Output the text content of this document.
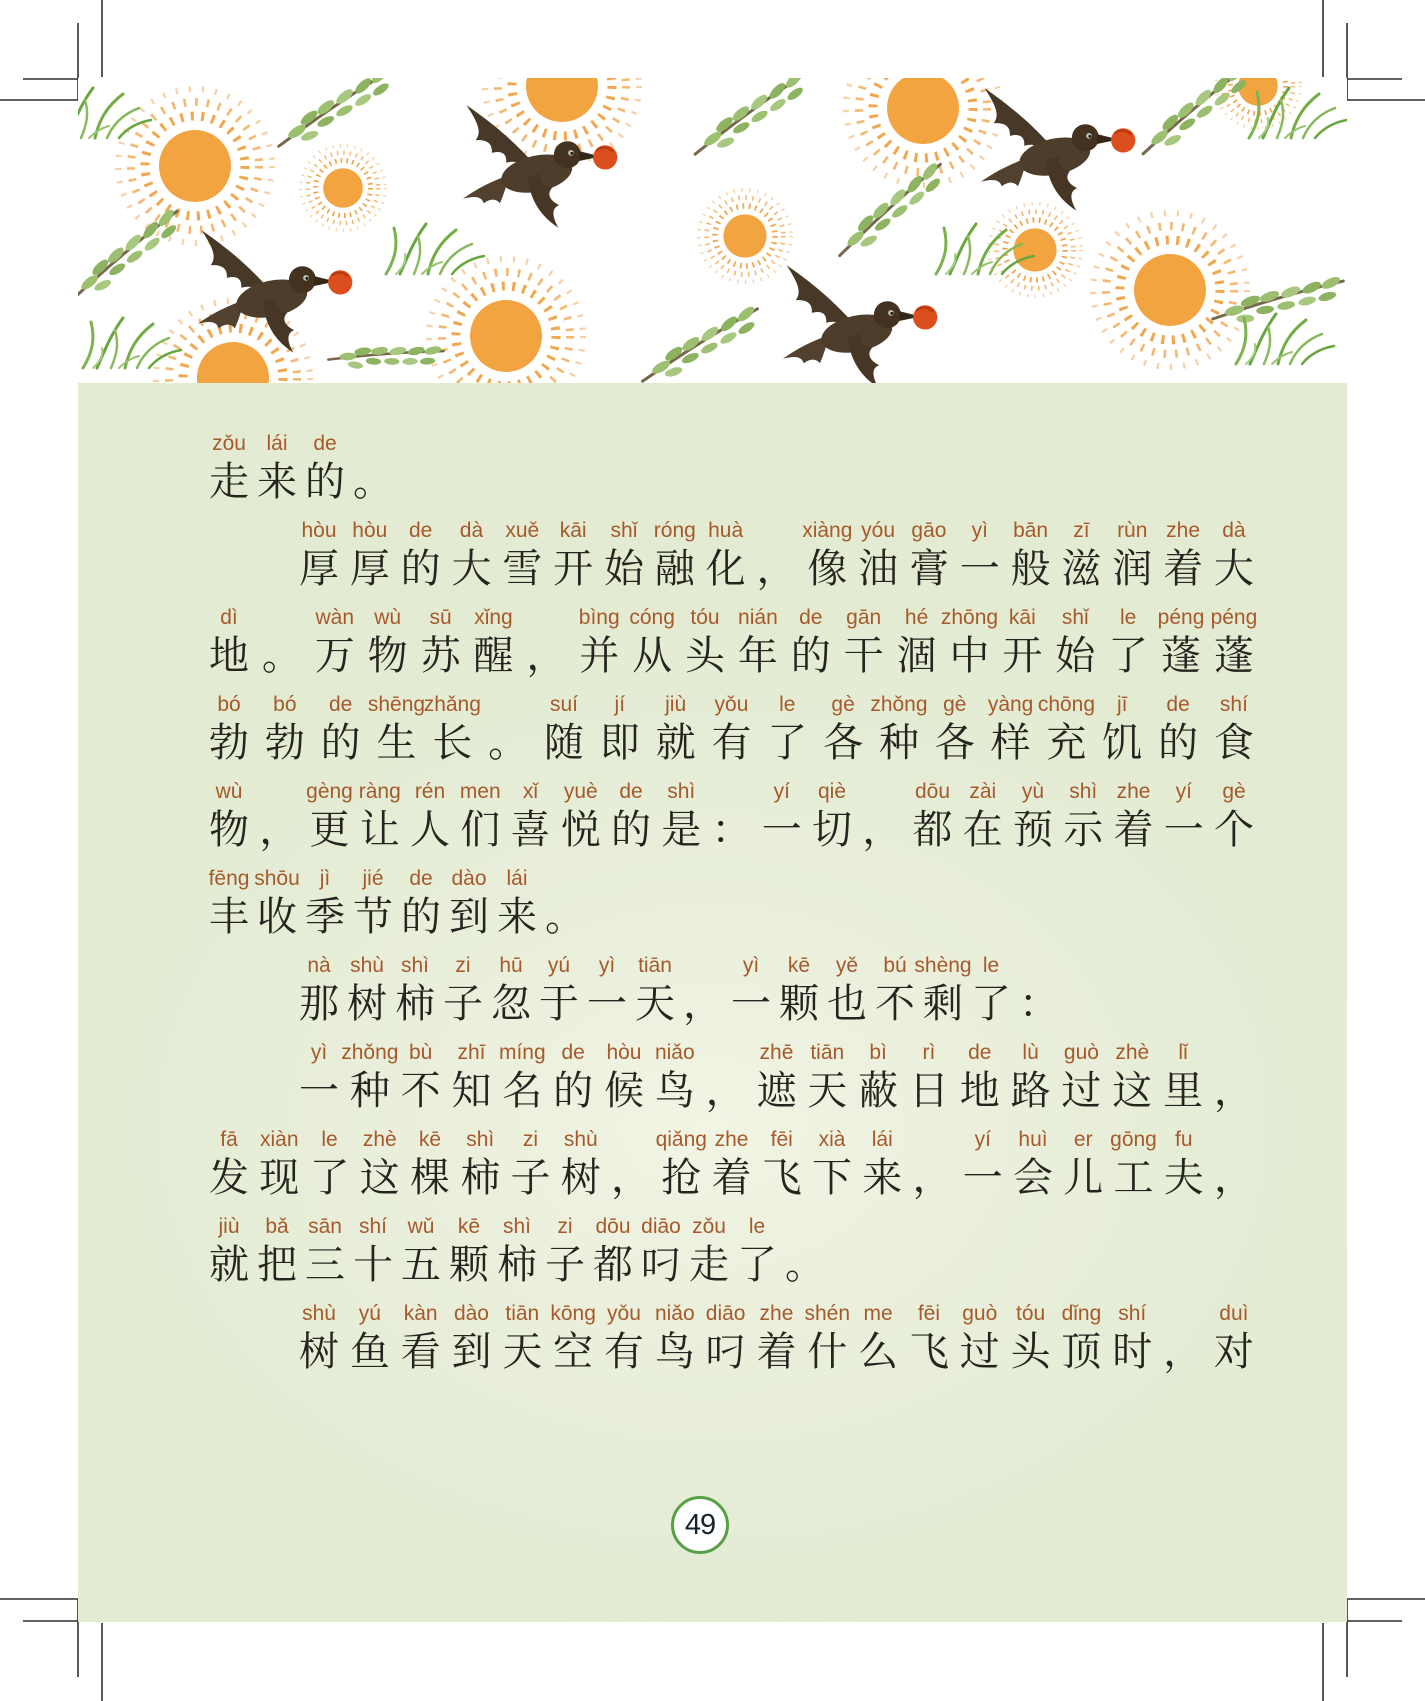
zǒu
走
lái
来
de
的 。
hòu
厚
hòu
厚
de
的
dà
大
xuě
雪
kāi
开
shǐ
始
róng
融
huà
化 ，
xiàng
像
yóu
油
gāo
膏
yì
一
bān
般
zī
滋
rùn
润
zhe
着
dà
大
dì
地 。
wàn
万
wù
物
sū
苏
xǐng
醒 ，
bìng
并
cóng
从
tóu
头
nián
年
de
的
gān
干
hé
涸
zhōng
中
kāi
开
shǐ
始
le
了
péng
蓬
péng
蓬
bó
勃
bó
勃
de
的
shēng
生
zhǎng
长 。
suí
随
jí
即
jiù
就
yǒu
有
le
了
gè
各
zhǒng
种
gè
各
yàng
样
chōng
充
jī
饥
de
的
shí
食
wù
物 ，
gèng
更
ràng
让
rén
人
men
们
xǐ
喜
yuè
悦
de
的
shì
是 ：
yí
一
qiè
切 ，
dōu
都
zài
在
yù
预
shì
示
zhe
着
yí
一
gè
个
fēng
丰
shōu
收
jì
季
jié
节
de
的
dào
到
lái
来 。
nà
那
shù
树
shì
柿
zi
子
hū
忽
yú
于
yì
一
tiān
天 ，
yì
一
kē
颗
yě
也
bú
不
shèng
剩
le
了 ：
yì
一
zhǒng
种
bù
不
zhī
知
míng
名
de
的
hòu
候
niǎo
鸟 ，
zhē
遮
tiān
天
bì
蔽
rì
日
de
地
lù
路
guò
过
zhè
这
lǐ
里 ，
fā
发
xiàn
现
le
了
zhè
这
kē
棵
shì
柿
zi
子
shù
树 ，
qiǎng
抢
zhe
着
fēi
飞
xià
下
lái
来 ，
yí
一
huì
会
er
儿
gōng
工
fu
夫 ，
jiù
就
bǎ
把
sān
三
shí
十
wǔ
五
kē
颗
shì
柿
zi
子
dōu
都
diāo
叼
zǒu
走
le
了 。
shù
树
yú
鱼
kàn
看
dào
到
tiān
天
kōng
空
yǒu
有
niǎo
鸟
diāo
叼
zhe
着
shén
什
me
么
fēi
飞
guò
过
tóu
头
dǐng
顶
shí
时 ，
duì
对
49
